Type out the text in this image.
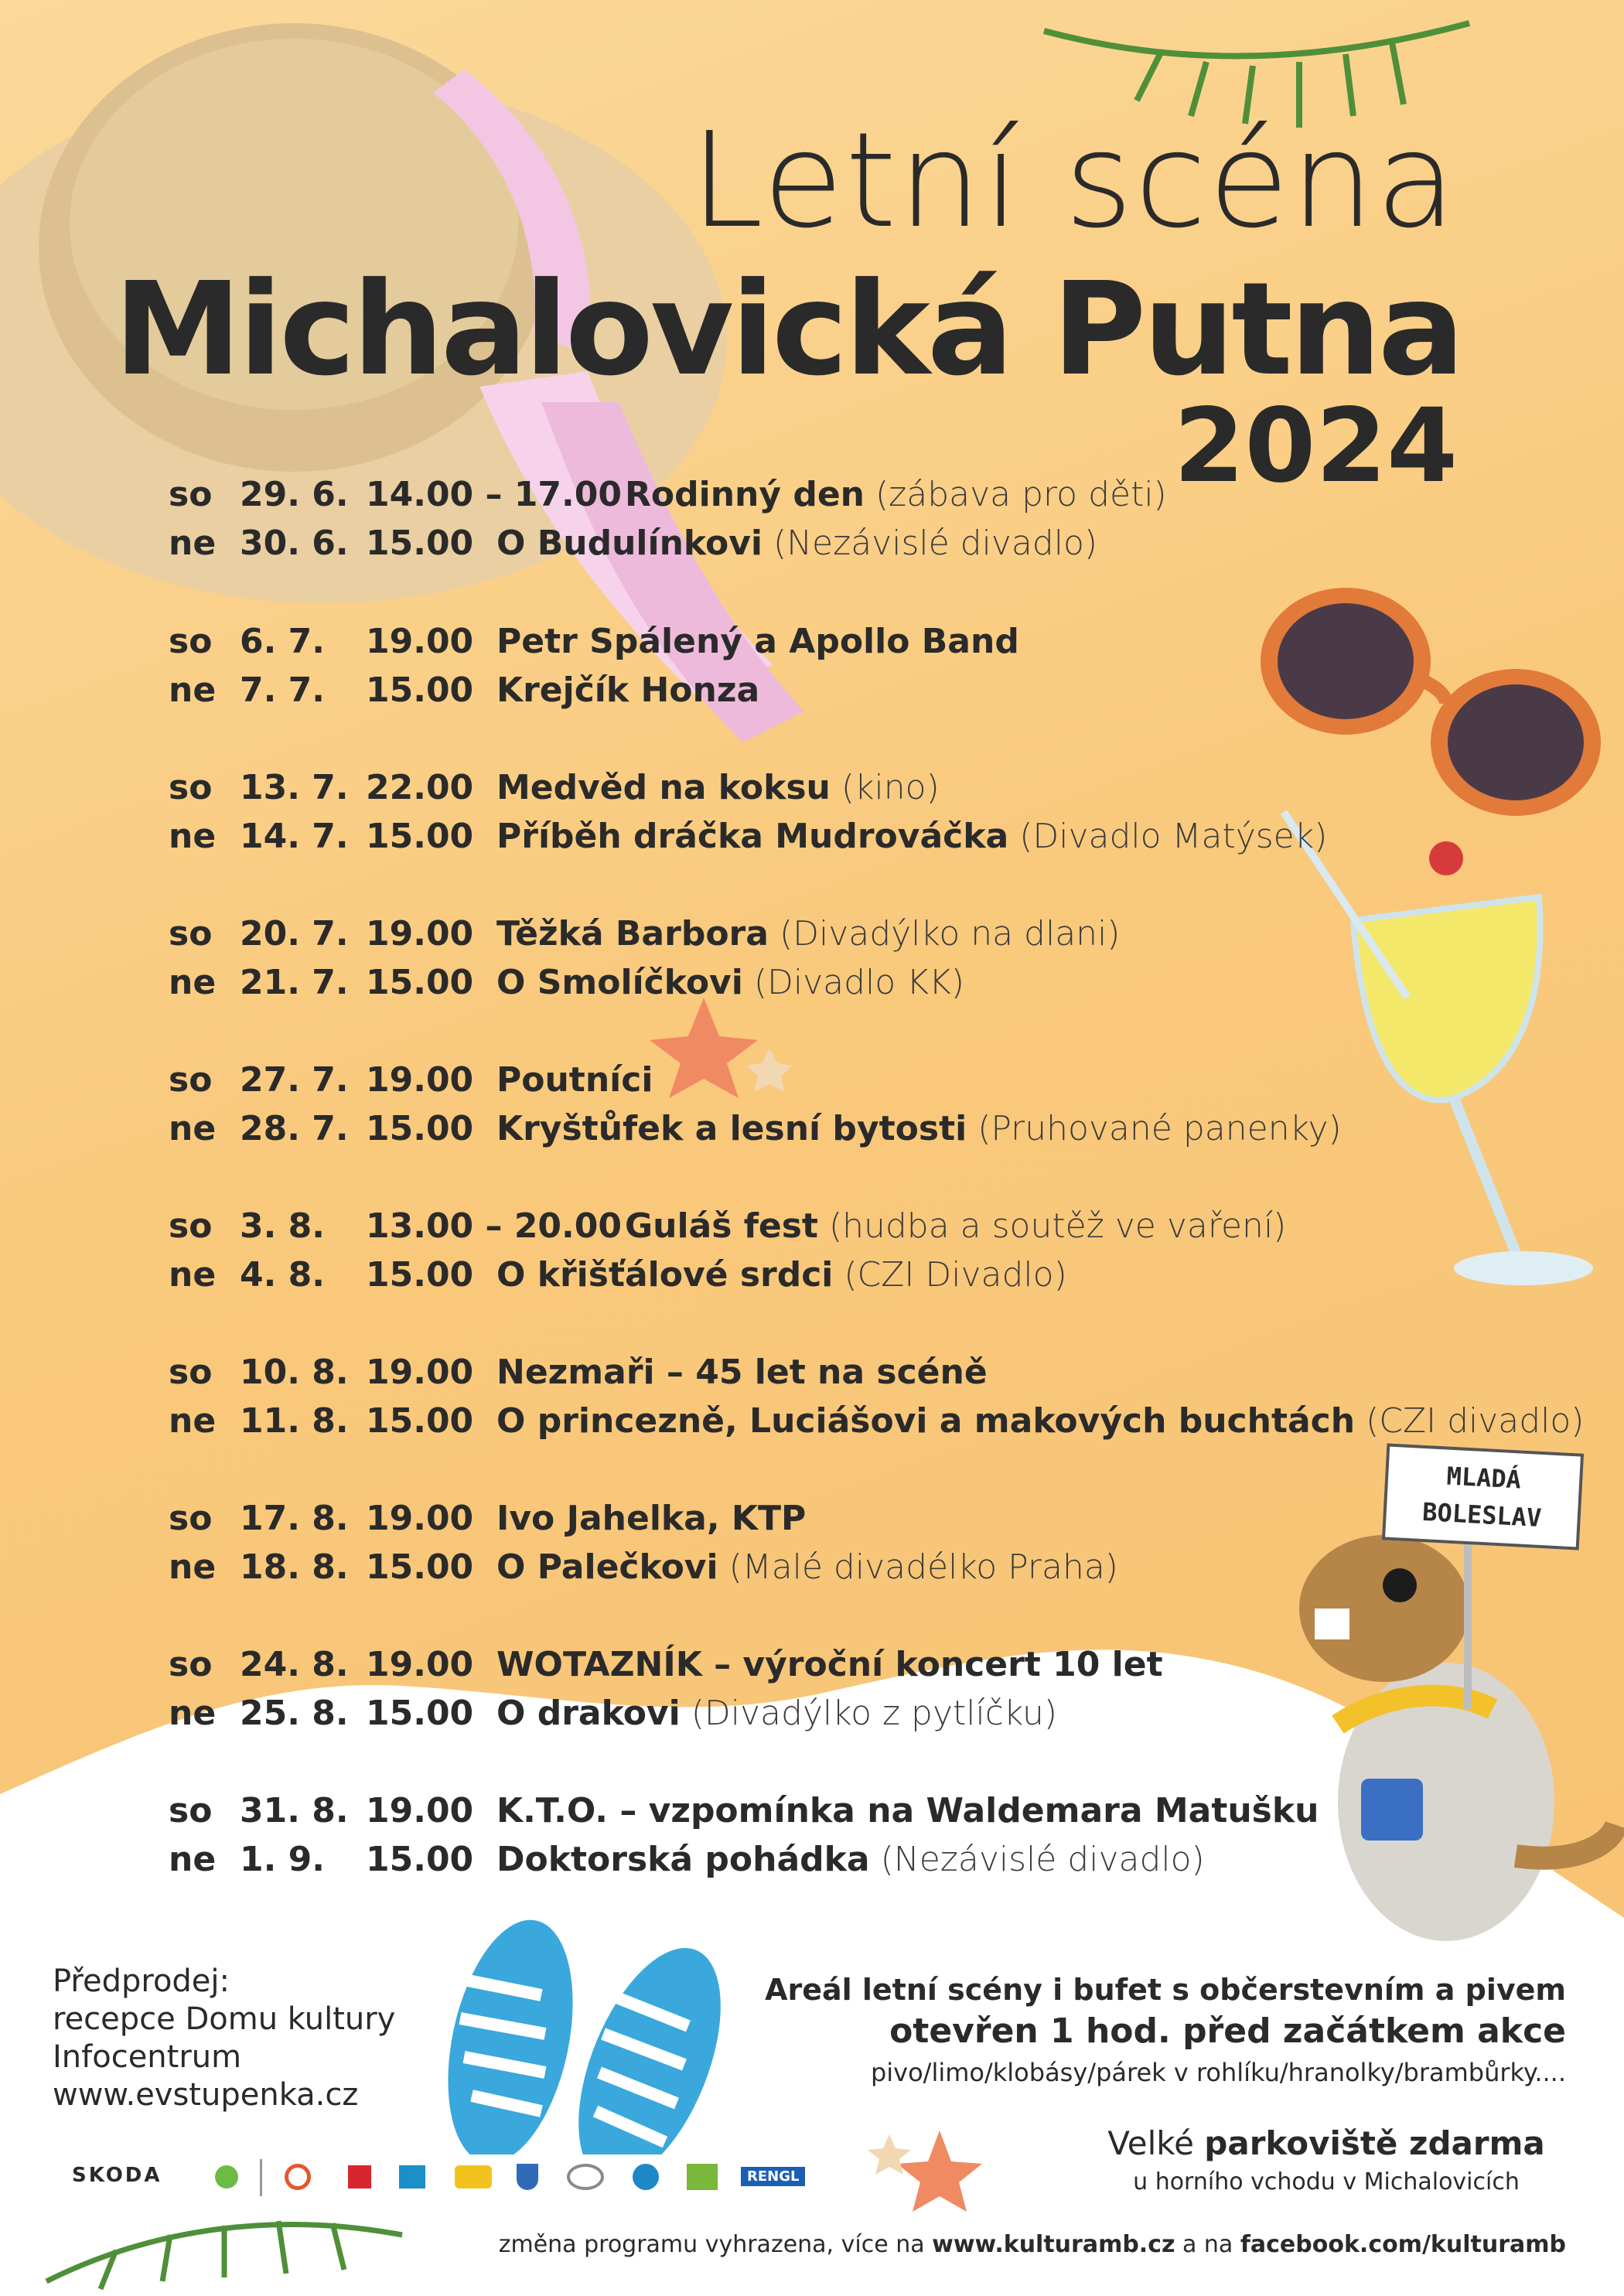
MLADÁ
BOLESLAV
Letní scéna
Michalovická Putna
2024
so 29. 6. 14.00 – 17.00 Rodinný den (zábava pro děti)
ne 30. 6. 15.00 O Budulínkovi (Nezávislé divadlo)
so 6. 7. 19.00 Petr Spálený a Apollo Band
ne 7. 7. 15.00 Krejčík Honza
so 13. 7. 22.00 Medvěd na koksu (kino)
ne 14. 7. 15.00 Příběh dráčka Mudrováčka (Divadlo Matýsek)
so 20. 7. 19.00 Těžká Barbora (Divadýlko na dlani)
ne 21. 7. 15.00 O Smolíčkovi (Divadlo KK)
so 27. 7. 19.00 Poutníci
ne 28. 7. 15.00 Kryštůfek a lesní bytosti (Pruhované panenky)
so 3. 8. 13.00 – 20.00 Guláš fest (hudba a soutěž ve vaření)
ne 4. 8. 15.00 O křišťálové srdci (CZI Divadlo)
so 10. 8. 19.00 Nezmaři – 45 let na scéně
ne 11. 8. 15.00 O princezně, Luciášovi a makových buchtách (CZI divadlo)
so 17. 8. 19.00 Ivo Jahelka, KTP
ne 18. 8. 15.00 O Palečkovi (Malé divadélko Praha)
so 24. 8. 19.00 WOTAZNÍK – výroční koncert 10 let
ne 25. 8. 15.00 O drakovi (Divadýlko z pytlíčku)
so 31. 8. 19.00 K.T.O. – vzpomínka na Waldemara Matušku
ne 1. 9. 15.00 Doktorská pohádka (Nezávislé divadlo)
Předprodej:
recepce Domu kultury
Infocentrum
www.evstupenka.cz
Areál letní scény i bufet s občerstevním a pivem
otevřen 1 hod. před začátkem akce
pivo/limo/klobásy/párek v rohlíku/hranolky/brambůrky....
SKODA	RENGL
Velké parkoviště zdarma
u horního vchodu v Michalovicích
změna programu vyhrazena, více na www.kulturamb.cz a na facebook.com/kulturamb
